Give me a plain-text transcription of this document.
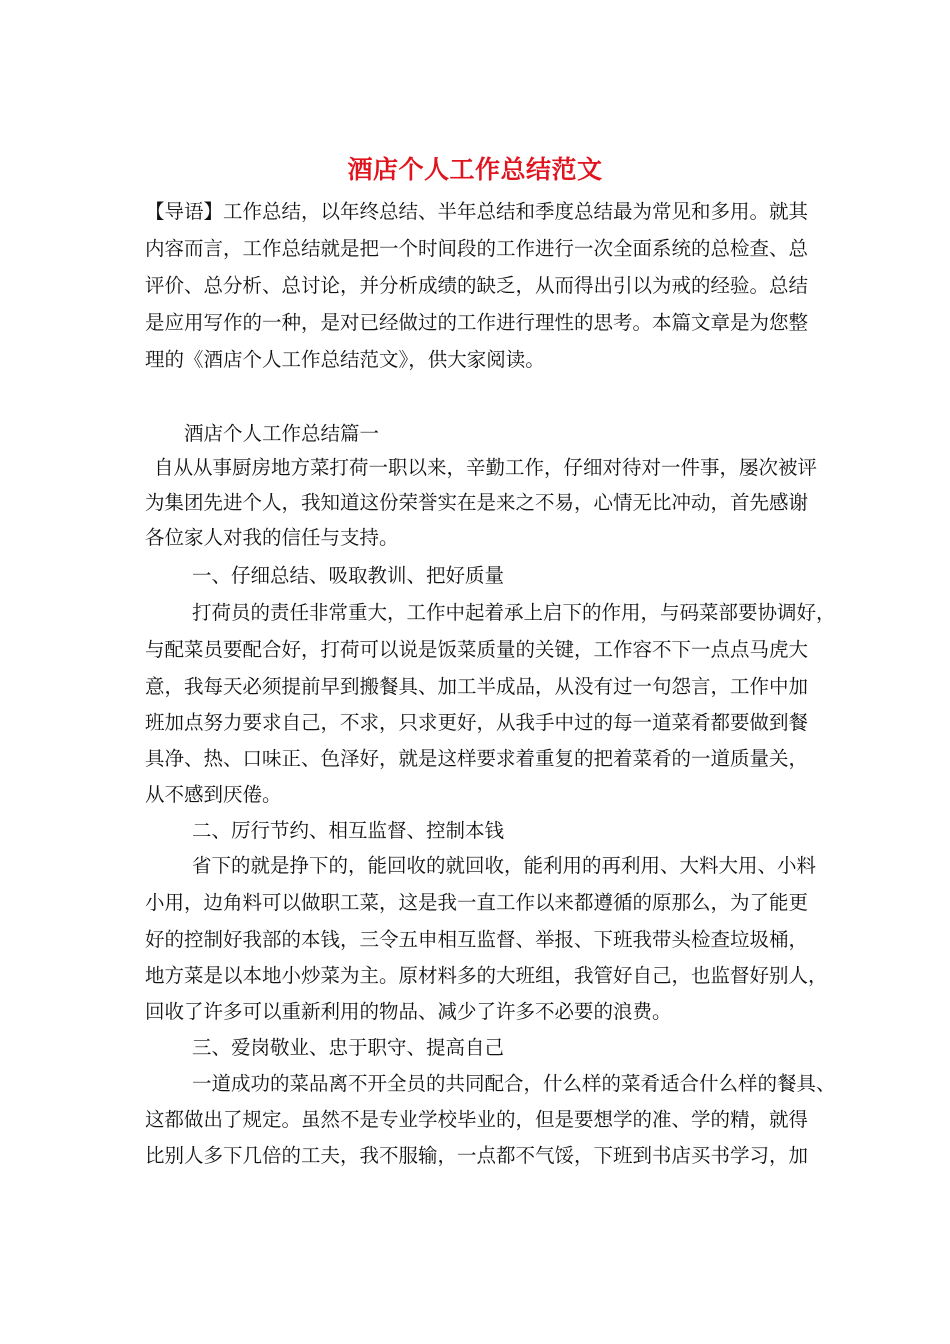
酒店个人工作总结范文
【导语】工作总结，以年终总结、半年总结和季度总结最为常见和多用。就其
内容而言，工作总结就是把一个时间段的工作进行一次全面系统的总检查、总
评价、总分析、总讨论，并分析成绩的缺乏，从而得出引以为戒的经验。总结
是应用写作的一种，是对已经做过的工作进行理性的思考。本篇文章是为您整
理的《酒店个人工作总结范文》，供大家阅读。
酒店个人工作总结篇一
自从从事厨房地方菜打荷一职以来，辛勤工作，仔细对待对一件事，屡次被评
为集团先进个人，我知道这份荣誉实在是来之不易，心情无比冲动，首先感谢
各位家人对我的信任与支持。
一、仔细总结、吸取教训、把好质量
打荷员的责任非常重大，工作中起着承上启下的作用，与码菜部要协调好，
与配菜员要配合好，打荷可以说是饭菜质量的关键，工作容不下一点点马虎大
意，我每天必须提前早到搬餐具、加工半成品，从没有过一句怨言，工作中加
班加点努力要求自己，不求，只求更好，从我手中过的每一道菜肴都要做到餐
具净、热、口味正、色泽好，就是这样要求着重复的把着菜肴的一道质量关，
从不感到厌倦。
二、厉行节约、相互监督、控制本钱
省下的就是挣下的，能回收的就回收，能利用的再利用、大料大用、小料
小用，边角料可以做职工菜，这是我一直工作以来都遵循的原那么，为了能更
好的控制好我部的本钱，三令五申相互监督、举报、下班我带头检查垃圾桶，
地方菜是以本地小炒菜为主。原材料多的大班组，我管好自己，也监督好别人，
回收了许多可以重新利用的物品、减少了许多不必要的浪费。
三、爱岗敬业、忠于职守、提高自己
一道成功的菜品离不开全员的共同配合，什么样的菜肴适合什么样的餐具、
这都做出了规定。虽然不是专业学校毕业的，但是要想学的准、学的精，就得
比别人多下几倍的工夫，我不服输，一点都不气馁，下班到书店买书学习，加
